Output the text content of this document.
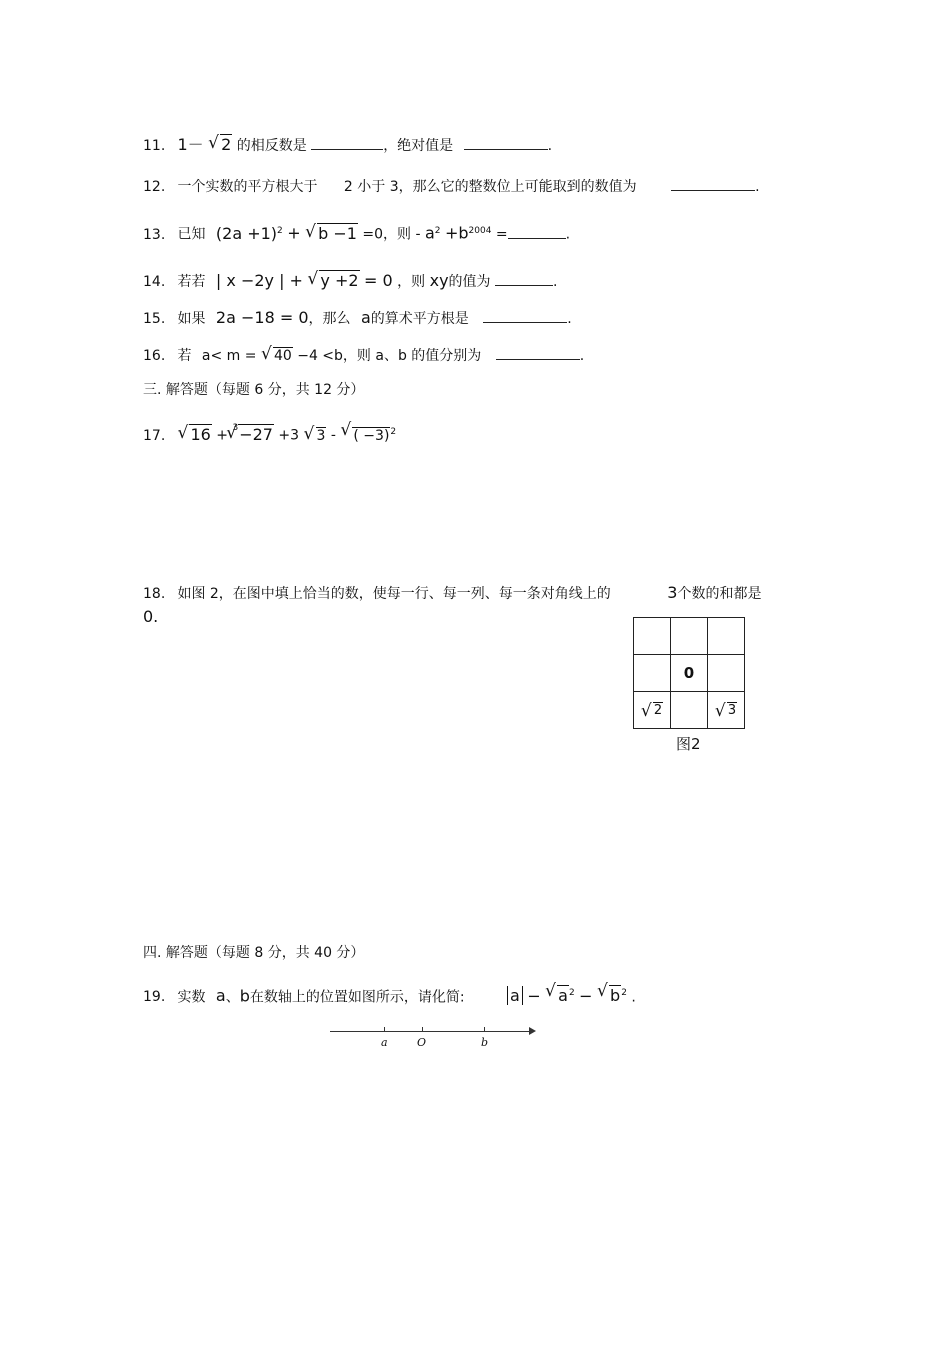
11. 1－ √ 2 的相反数是	，绝对值是	.
12. 一个实数的平方根大于 2 小于 3，那么它的整数位上可能取到的数值为	.
13. 已知 $(2a +1)^2$ + √ b −1 =0，则 - $a^2 +b^{2004}$ =	.
14. 若若 | x −2y | + √ y +2 = 0 ，则 xy的值为	.
15. 如果 2a −18 = 0，那么 a的算术平方根是	.
16. 若 a< m = √ 40 −4 <b，则 a、b 的值分别为	.
三. 解答题（每题 6 分，共 12 分）
17. √ 16 + $^3$√ −27 +3 √ 3 - √ ( −3)$^2$
18. 如图 2，在图中填上恰当的数，使每一行、每一列、每一条对角线上的	3个数的和都是
0.

	0	
√ 2		√ 3
图2
四. 解答题（每题 8 分，共 40 分）
19. 实数 a、b在数轴上的位置如图所示，请化简:	a − √ $a^2$ − √ $b^2$ .
a	O	b
